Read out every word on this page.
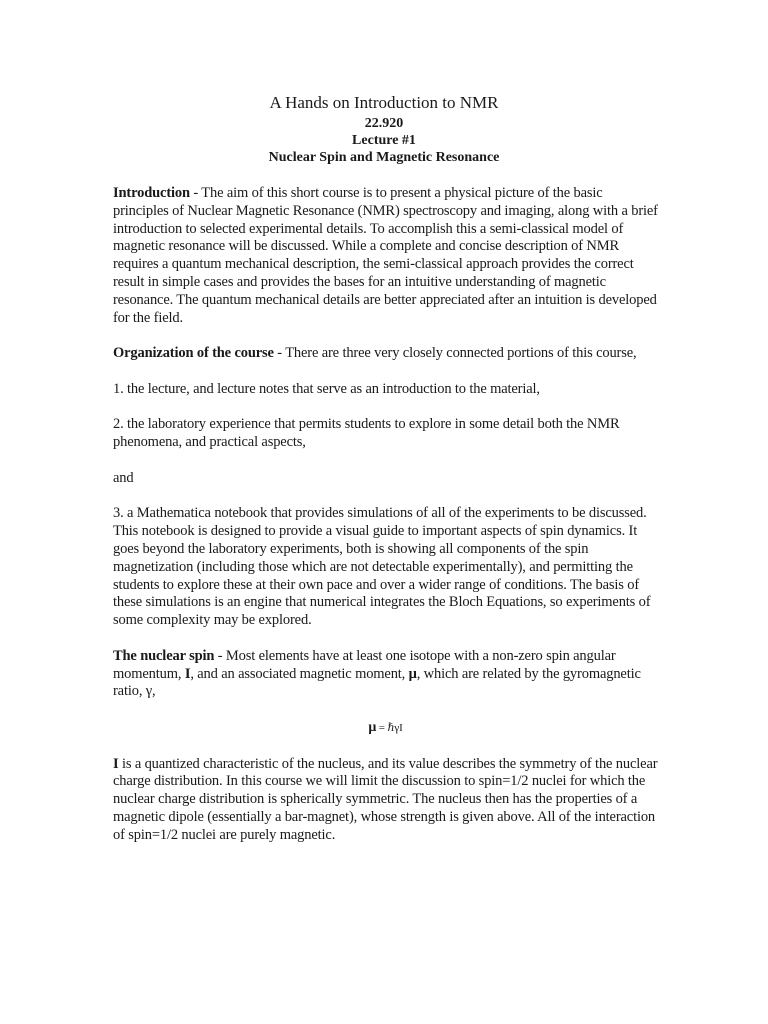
A Hands on Introduction to NMR
22.920
Lecture #1
Nuclear Spin and Magnetic Resonance

Introduction - The aim of this short course is to present a physical picture of the basic principles of Nuclear Magnetic Resonance (NMR) spectroscopy and imaging, along with a brief introduction to selected experimental details. To accomplish this a semi-classical model of magnetic resonance will be discussed. While a complete and concise description of NMR requires a quantum mechanical description, the semi-classical approach provides the correct result in simple cases and provides the bases for an intuitive understanding of magnetic resonance. The quantum mechanical details are better appreciated after an intuition is developed for the field.

Organization of the course - There are three very closely connected portions of this course,

1. the lecture, and lecture notes that serve as an introduction to the material,

2. the laboratory experience that permits students to explore in some detail both the NMR phenomena, and practical aspects,

and

3. a Mathematica notebook that provides simulations of all of the experiments to be discussed. This notebook is designed to provide a visual guide to important aspects of spin dynamics. It goes beyond the laboratory experiments, both is showing all components of the spin magnetization (including those which are not detectable experimentally), and permitting the students to explore these at their own pace and over a wider range of conditions. The basis of these simulations is an engine that numerical integrates the Bloch Equations, so experiments of some complexity may be explored.

The nuclear spin - Most elements have at least one isotope with a non-zero spin angular momentum, I, and an associated magnetic moment, μ, which are related by the gyromagnetic ratio, γ,

μ = ℏγI

I is a quantized characteristic of the nucleus, and its value describes the symmetry of the nuclear charge distribution. In this course we will limit the discussion to spin=1/2 nuclei for which the nuclear charge distribution is spherically symmetric. The nucleus then has the properties of a magnetic dipole (essentially a bar-magnet), whose strength is given above. All of the interaction of spin=1/2 nuclei are purely magnetic.
